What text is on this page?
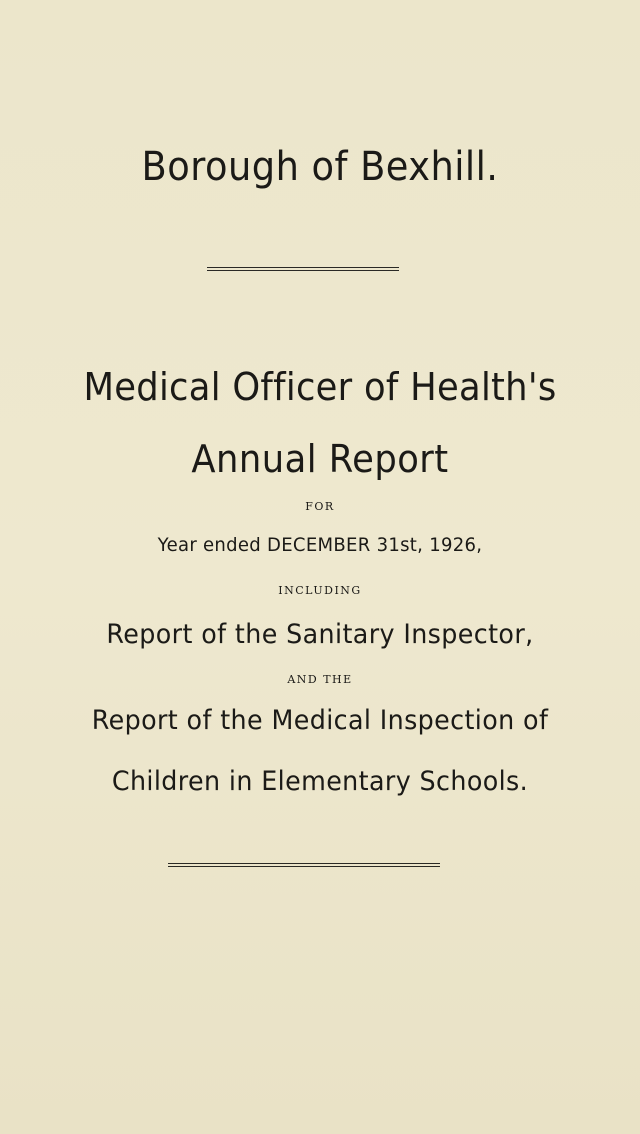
Borough of Bexhill.
Medical Officer of Health's
Annual Report
FOR
Year ended DECEMBER 31st, 1926,
INCLUDING
Report of the Sanitary Inspector,
AND THE
Report of the Medical Inspection of
Children in Elementary Schools.
